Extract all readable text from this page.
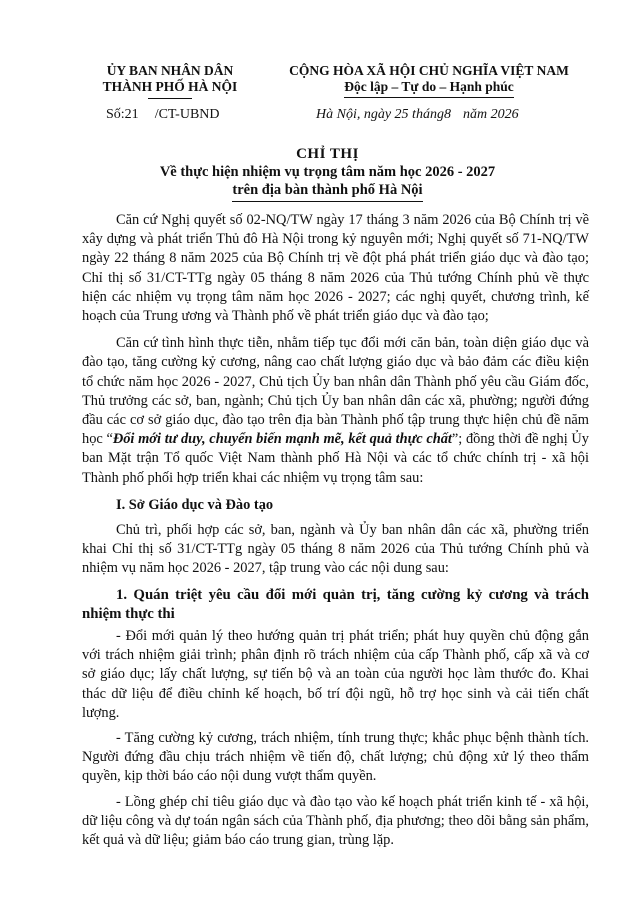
ỦY BAN NHÂN DÂN
THÀNH PHỐ HÀ NỘI
CỘNG HÒA XÃ HỘI CHỦ NGHĨA VIỆT NAM
Độc lập – Tự do – Hạnh phúc
Số:21 /CT-UBND	Hà Nội, ngày 25 tháng8 năm 2026
CHỈ THỊ
Về thực hiện nhiệm vụ trọng tâm năm học 2026 - 2027
trên địa bàn thành phố Hà Nội

Căn cứ Nghị quyết số 02-NQ/TW ngày 17 tháng 3 năm 2026 của Bộ Chính trị về xây dựng và phát triển Thủ đô Hà Nội trong kỷ nguyên mới; Nghị quyết số 71-NQ/TW ngày 22 tháng 8 năm 2025 của Bộ Chính trị về đột phá phát triển giáo dục và đào tạo; Chỉ thị số 31/CT-TTg ngày 05 tháng 8 năm 2026 của Thủ tướng Chính phủ về thực hiện các nhiệm vụ trọng tâm năm học 2026 - 2027; các nghị quyết, chương trình, kế hoạch của Trung ương và Thành phố về phát triển giáo dục và đào tạo;

Căn cứ tình hình thực tiễn, nhằm tiếp tục đổi mới căn bản, toàn diện giáo dục và đào tạo, tăng cường kỷ cương, nâng cao chất lượng giáo dục và bảo đảm các điều kiện tổ chức năm học 2026 - 2027, Chủ tịch Ủy ban nhân dân Thành phố yêu cầu Giám đốc, Thủ trưởng các sở, ban, ngành; Chủ tịch Ủy ban nhân dân các xã, phường; người đứng đầu các cơ sở giáo dục, đào tạo trên địa bàn Thành phố tập trung thực hiện chủ đề năm học “Đổi mới tư duy, chuyển biến mạnh mẽ, kết quả thực chất”; đồng thời đề nghị Ủy ban Mặt trận Tổ quốc Việt Nam thành phố Hà Nội và các tổ chức chính trị - xã hội Thành phố phối hợp triển khai các nhiệm vụ trọng tâm sau:

I. Sở Giáo dục và Đào tạo

Chủ trì, phối hợp các sở, ban, ngành và Ủy ban nhân dân các xã, phường triển khai Chỉ thị số 31/CT-TTg ngày 05 tháng 8 năm 2026 của Thủ tướng Chính phủ và nhiệm vụ năm học 2026 - 2027, tập trung vào các nội dung sau:

1. Quán triệt yêu cầu đổi mới quản trị, tăng cường kỷ cương và trách nhiệm thực thi

- Đổi mới quản lý theo hướng quản trị phát triển; phát huy quyền chủ động gắn với trách nhiệm giải trình; phân định rõ trách nhiệm của cấp Thành phố, cấp xã và cơ sở giáo dục; lấy chất lượng, sự tiến bộ và an toàn của người học làm thước đo. Khai thác dữ liệu để điều chỉnh kế hoạch, bố trí đội ngũ, hỗ trợ học sinh và cải tiến chất lượng.

- Tăng cường kỷ cương, trách nhiệm, tính trung thực; khắc phục bệnh thành tích. Người đứng đầu chịu trách nhiệm về tiến độ, chất lượng; chủ động xử lý theo thẩm quyền, kịp thời báo cáo nội dung vượt thẩm quyền.

- Lồng ghép chỉ tiêu giáo dục và đào tạo vào kế hoạch phát triển kinh tế - xã hội, dữ liệu công và dự toán ngân sách của Thành phố, địa phương; theo dõi bằng sản phẩm, kết quả và dữ liệu; giảm báo cáo trung gian, trùng lặp.
